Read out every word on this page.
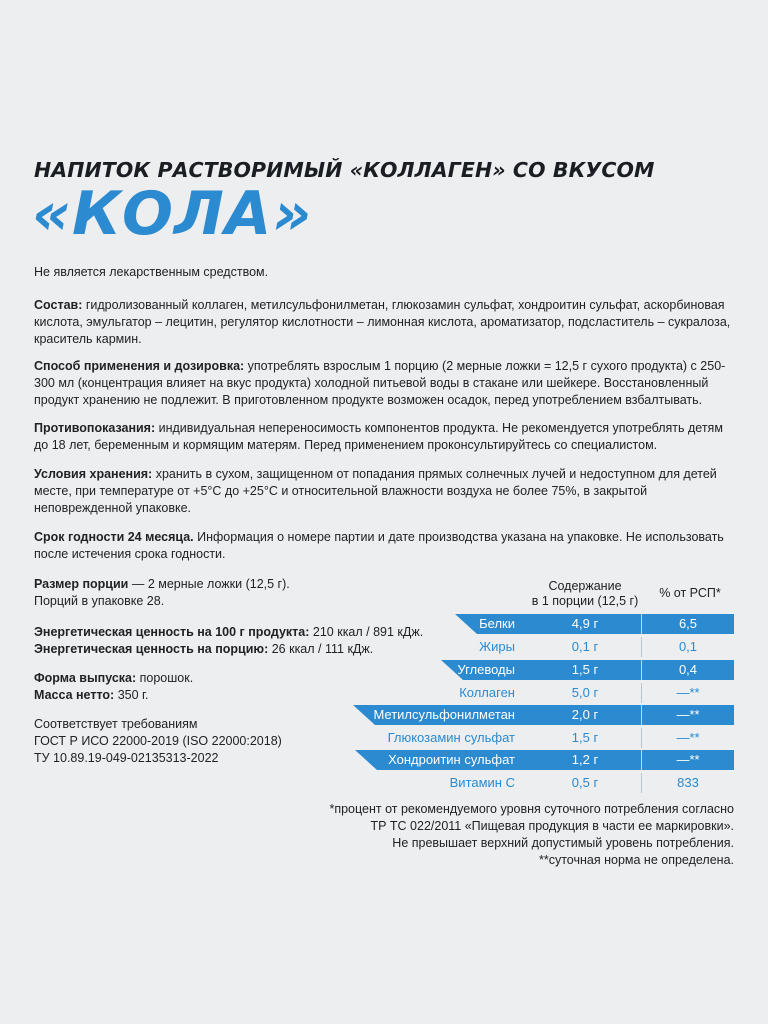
НАПИТОК РАСТВОРИМЫЙ «КОЛЛАГЕН» СО ВКУСОМ
«КОЛА»
Не является лекарственным средством.
Состав: гидролизованный коллаген, метилсульфонилметан, глюкозамин сульфат, хондроитин сульфат, аскорбиновая кислота, эмульгатор – лецитин, регулятор кислотности – лимонная кислота, ароматизатор, подсластитель – сукралоза, краситель кармин.
Способ применения и дозировка: употреблять взрослым 1 порцию (2 мерные ложки = 12,5 г сухого продукта) с 250-300 мл (концентрация влияет на вкус продукта) холодной питьевой воды в стакане или шейкере. Восстановленный продукт хранению не подлежит. В приготовленном продукте возможен осадок, перед употреблением взбалтывать.
Противопоказания: индивидуальная непереносимость компонентов продукта. Не рекомендуется употреблять детям до 18 лет, беременным и кормящим матерям. Перед применением проконсультируйтесь со специалистом.
Условия хранения: хранить в сухом, защищенном от попадания прямых солнечных лучей и недоступном для детей месте, при температуре от +5°С до +25°С и относительной влажности воздуха не более 75%, в закрытой неповрежденной упаковке.
Срок годности 24 месяца. Информация о номере партии и дате производства указана на упаковке. Не использовать после истечения срока годности.
Размер порции — 2 мерные ложки (12,5 г).
Порций в упаковке 28.
Энергетическая ценность на 100 г продукта: 210 ккал / 891 кДж.
Энергетическая ценность на порцию: 26 ккал / 111 кДж.
Форма выпуска: порошок.
Масса нетто: 350 г.
Соответствует требованиям
ГОСТ Р ИСО 22000-2019 (ISO 22000:2018)
ТУ 10.89.19-049-02135313-2022
Содержание
в 1 порции (12,5 г)
% от РСП*
Белки	4,9 г	6,5
Жиры	0,1 г	0,1
Углеводы	1,5 г	0,4
Коллаген	5,0 г	—**
Метилсульфонилметан	2,0 г	—**
Глюкозамин сульфат	1,5 г	—**
Хондроитин сульфат	1,2 г	—**
Витамин С	0,5 г	833
*процент от рекомендуемого уровня суточного потребления согласно
ТР ТС 022/2011 «Пищевая продукция в части ее маркировки».
Не превышает верхний допустимый уровень потребления.
**суточная норма не определена.
